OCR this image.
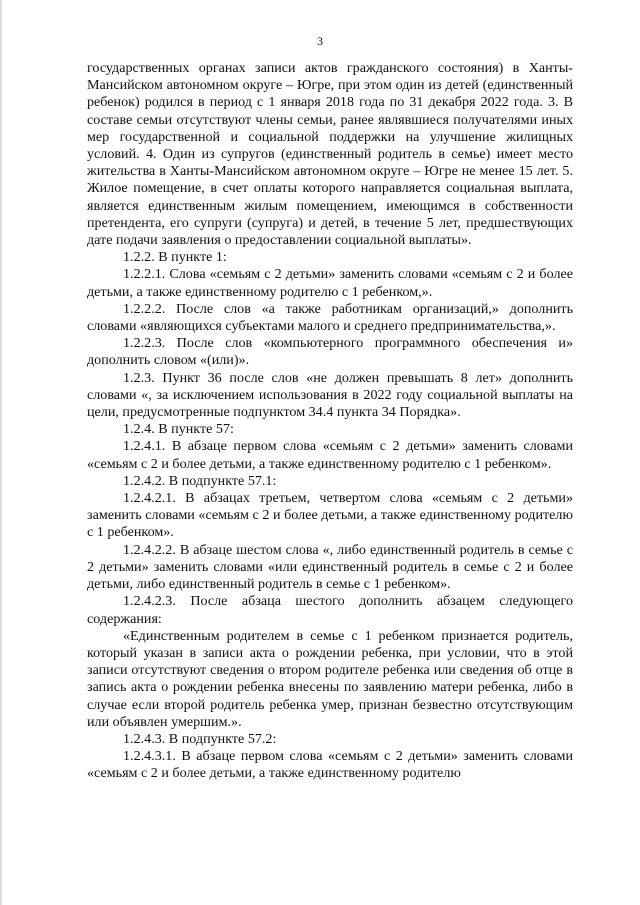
3

государственных органах записи актов гражданского состояния) в Ханты-Мансийском автономном округе – Югре, при этом один из детей (единственный ребенок) родился в период с 1 января 2018 года по 31 декабря 2022 года. 3. В составе семьи отсутствуют члены семьи, ранее являвшиеся получателями иных мер государственной и социальной поддержки на улучшение жилищных условий. 4. Один из супругов (единственный родитель в семье) имеет место жительства в Ханты-Мансийском автономном округе – Югре не менее 15 лет. 5. Жилое помещение, в счет оплаты которого направляется социальная выплата, является единственным жилым помещением, имеющимся в собственности претендента, его супруги (супруга) и детей, в течение 5 лет, предшествующих дате подачи заявления о предоставлении социальной выплаты».

1.2.2. В пункте 1:

1.2.2.1. Слова «семьям с 2 детьми» заменить словами «семьям с 2 и более детьми, а также единственному родителю с 1 ребенком,».

1.2.2.2. После слов «а также работникам организаций,» дополнить словами «являющихся субъектами малого и среднего предпринимательства,».

1.2.2.3. После слов «компьютерного программного обеспечения и» дополнить словом «(или)».

1.2.3. Пункт 36 после слов «не должен превышать 8 лет» дополнить словами «, за исключением использования в 2022 году социальной выплаты на цели, предусмотренные подпунктом 34.4 пункта 34 Порядка».

1.2.4. В пункте 57:

1.2.4.1. В абзаце первом слова «семьям с 2 детьми» заменить словами «семьям с 2 и более детьми, а также единственному родителю с 1 ребенком».

1.2.4.2. В подпункте 57.1:

1.2.4.2.1. В абзацах третьем, четвертом слова «семьям с 2 детьми» заменить словами «семьям с 2 и более детьми, а также единственному родителю с 1 ребенком».

1.2.4.2.2. В абзаце шестом слова «, либо единственный родитель в семье с 2 детьми» заменить словами «или единственный родитель в семье с 2 и более детьми, либо единственный родитель в семье с 1 ребенком».

1.2.4.2.3. После абзаца шестого дополнить абзацем следующего содержания:

«Единственным родителем в семье с 1 ребенком признается родитель, который указан в записи акта о рождении ребенка, при условии, что в этой записи отсутствуют сведения о втором родителе ребенка или сведения об отце в запись акта о рождении ребенка внесены по заявлению матери ребенка, либо в случае если второй родитель ребенка умер, признан безвестно отсутствующим или объявлен умершим.».

1.2.4.3. В подпункте 57.2:

1.2.4.3.1. В абзаце первом слова «семьям с 2 детьми» заменить словами «семьям с 2 и более детьми, а также единственному родителю
